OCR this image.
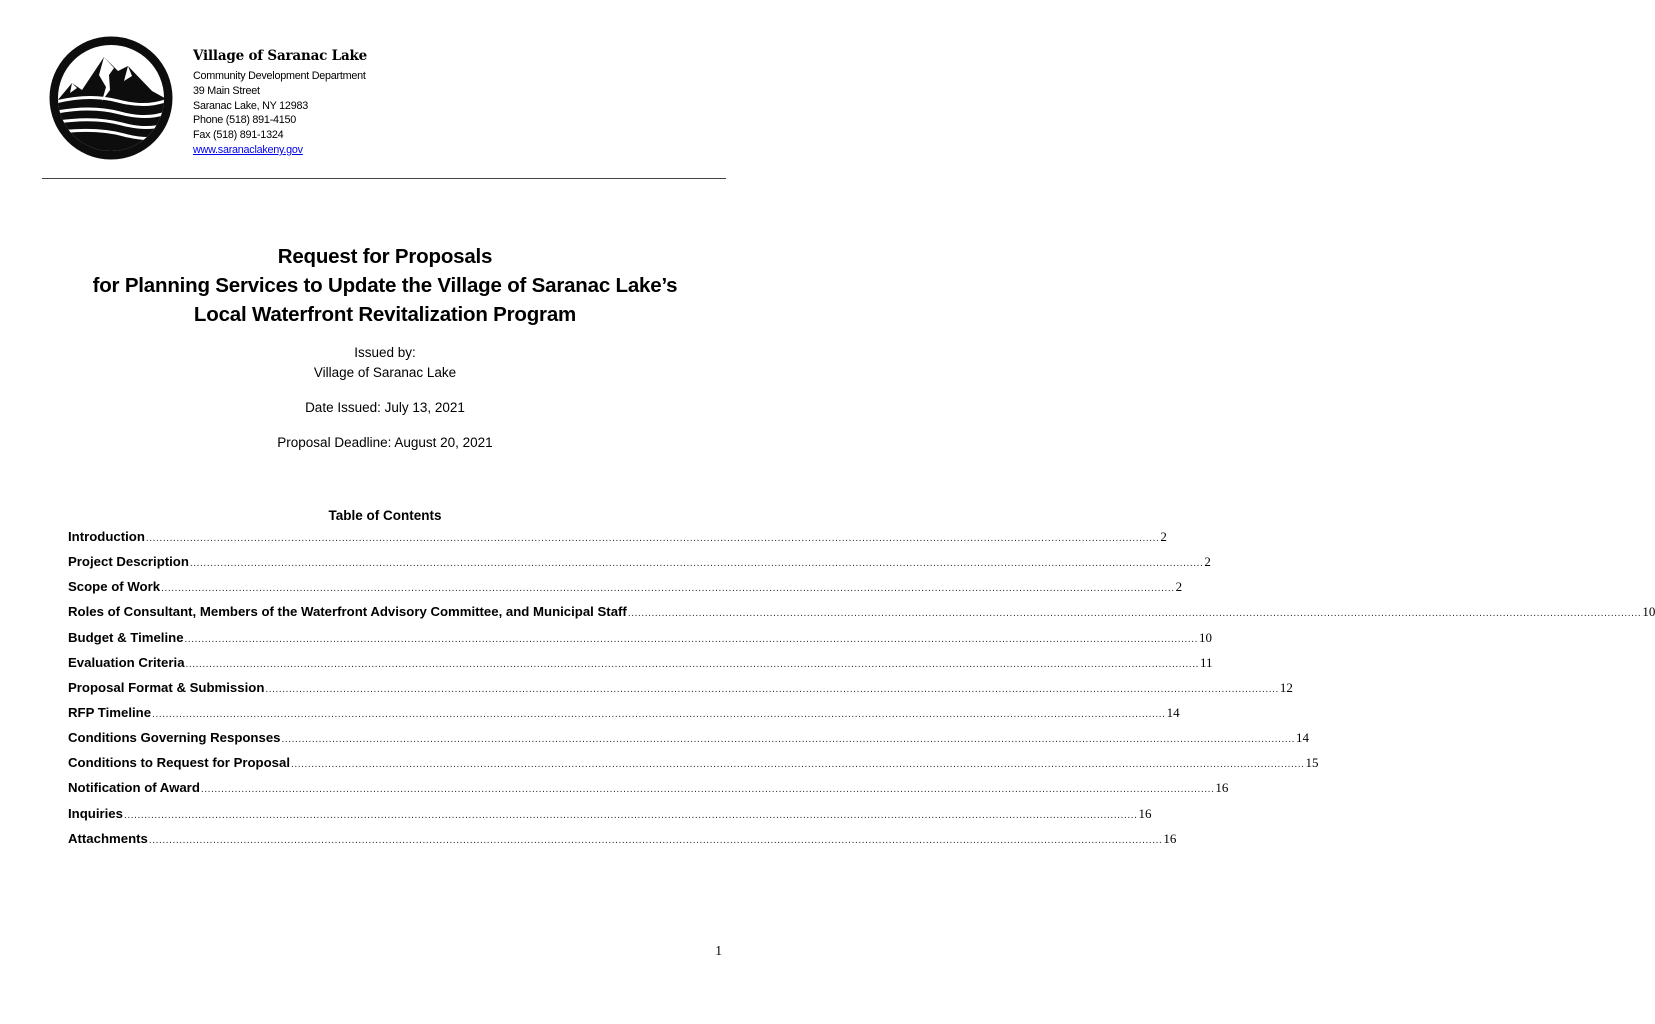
Village of Saranac Lake
Community Development Department
39 Main Street
Saranac Lake, NY 12983
Phone (518) 891-4150
Fax (518) 891-1324
www.saranaclakeny.gov
Request for Proposals
for Planning Services to Update the Village of Saranac Lake’s
Local Waterfront Revitalization Program
Issued by:
Village of Saranac Lake
Date Issued: July 13, 2021
Proposal Deadline: August 20, 2021
Table of Contents
Introduction ............................................................................................................................................................................................................................................................................................................ 2
Project Description ............................................................................................................................................................................................................................................................................................................ 2
Scope of Work ............................................................................................................................................................................................................................................................................................................ 2
Roles of Consultant, Members of the Waterfront Advisory Committee, and Municipal Staff ............................................................................................................................................................................................................................................................................................................ 10
Budget & Timeline ............................................................................................................................................................................................................................................................................................................ 10
Evaluation Criteria ............................................................................................................................................................................................................................................................................................................ 11
Proposal Format & Submission ............................................................................................................................................................................................................................................................................................................ 12
RFP Timeline ............................................................................................................................................................................................................................................................................................................ 14
Conditions Governing Responses ............................................................................................................................................................................................................................................................................................................ 14
Conditions to Request for Proposal ............................................................................................................................................................................................................................................................................................................ 15
Notification of Award ............................................................................................................................................................................................................................................................................................................ 16
Inquiries ............................................................................................................................................................................................................................................................................................................ 16
Attachments ............................................................................................................................................................................................................................................................................................................ 16
1
